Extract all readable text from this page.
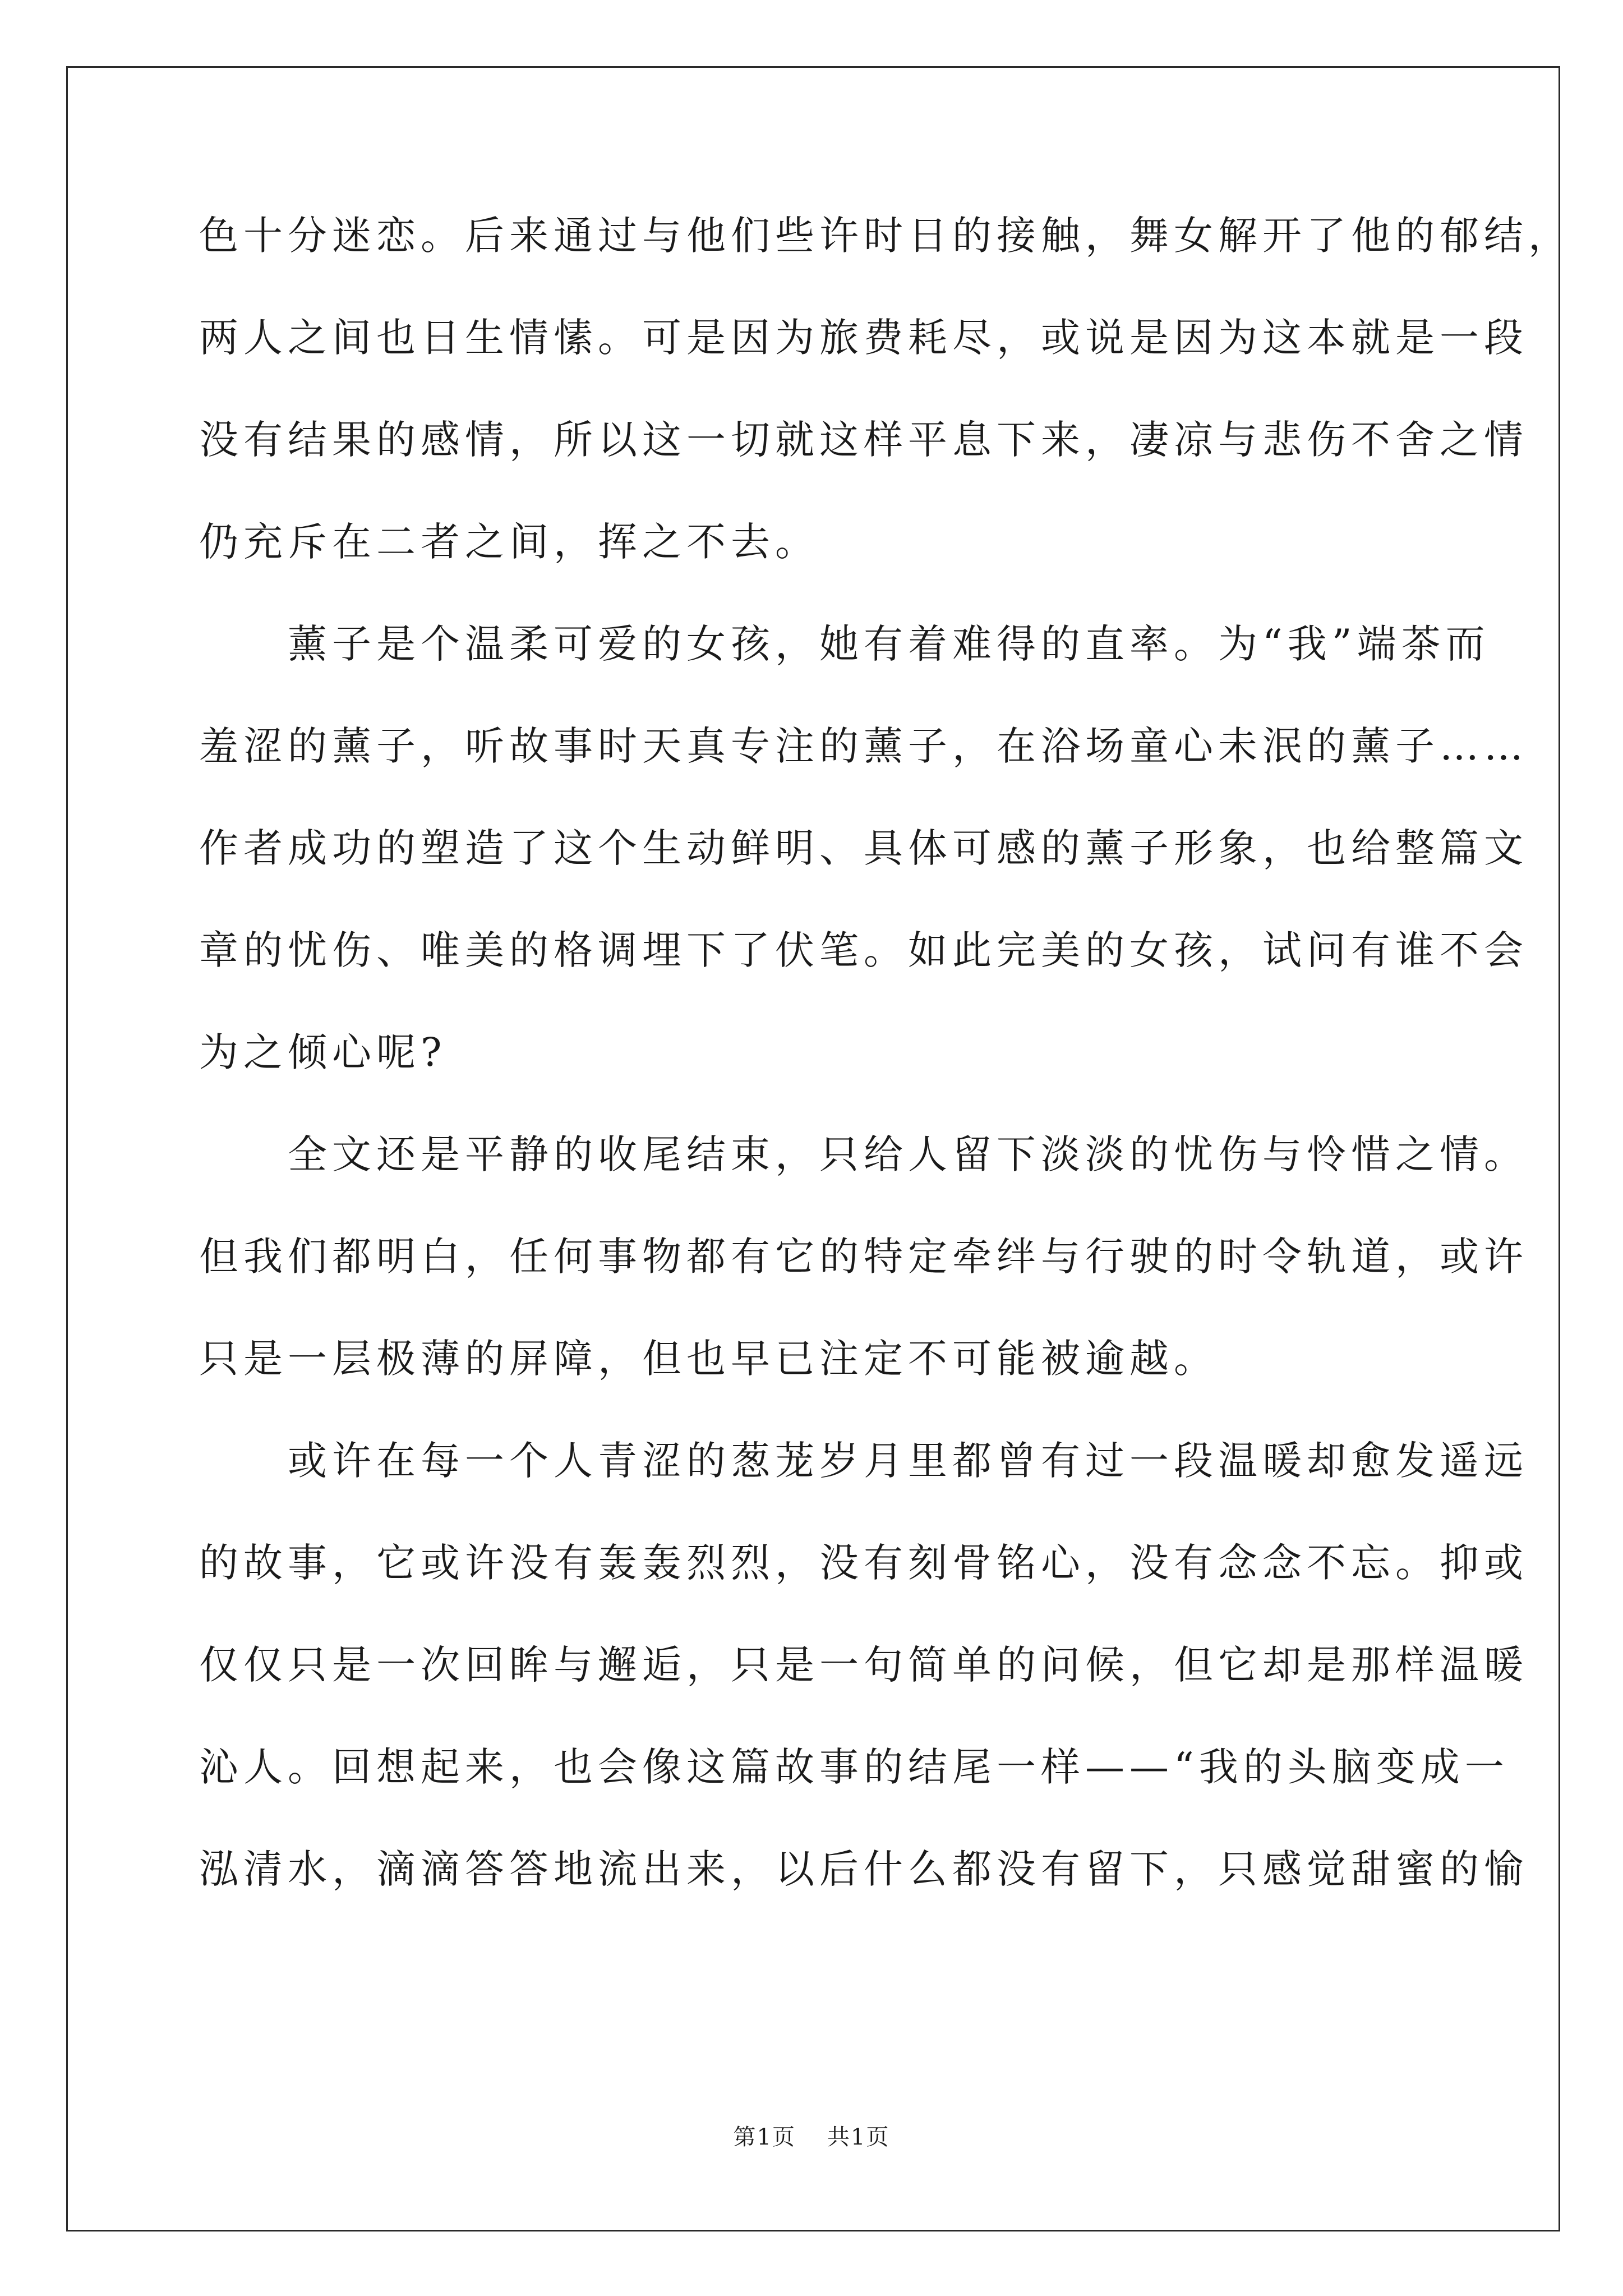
色十分迷恋。后来通过与他们些许时日的接触，舞女解开了他的郁结，
两人之间也日生情愫。可是因为旅费耗尽，或说是因为这本就是一段
没有结果的感情，所以这一切就这样平息下来，凄凉与悲伤不舍之情
仍充斥在二者之间，挥之不去。
　　薰子是个温柔可爱的女孩，她有着难得的直率。为“我”端茶而
羞涩的薰子，听故事时天真专注的薰子，在浴场童心未泯的薰子……
作者成功的塑造了这个生动鲜明、具体可感的薰子形象，也给整篇文
章的忧伤、唯美的格调埋下了伏笔。如此完美的女孩，试问有谁不会
为之倾心呢?
　　全文还是平静的收尾结束，只给人留下淡淡的忧伤与怜惜之情。
但我们都明白，任何事物都有它的特定牵绊与行驶的时令轨道，或许
只是一层极薄的屏障，但也早已注定不可能被逾越。
　　或许在每一个人青涩的葱茏岁月里都曾有过一段温暖却愈发遥远
的故事，它或许没有轰轰烈烈，没有刻骨铭心，没有念念不忘。抑或
仅仅只是一次回眸与邂逅，只是一句简单的问候，但它却是那样温暖
沁人。回想起来，也会像这篇故事的结尾一样——“我的头脑变成一
泓清水，滴滴答答地流出来，以后什么都没有留下，只感觉甜蜜的愉
第1页 共1页
